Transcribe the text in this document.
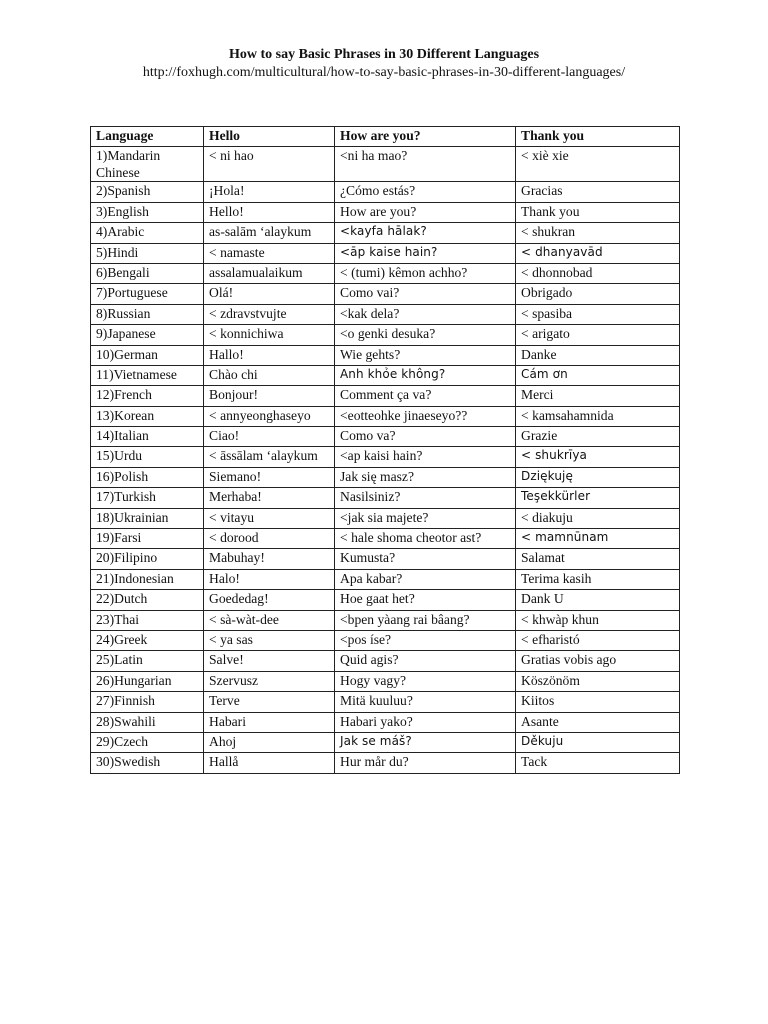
How to say Basic Phrases in 30 Different Languages
http://foxhugh.com/multicultural/how-to-say-basic-phrases-in-30-different-languages/
Language	Hello	How are you?	Thank you
1)Mandarin Chinese	< ni hao	<ni ha mao?	< xiè xie
2)Spanish	¡Hola!	¿Cómo estás?	Gracias
3)English	Hello!	How are you?	Thank you
4)Arabic	as-salām ʻalaykum	<kayfa hālak?	< shukran
5)Hindi	< namaste	<āp kaise hain?	< dhanyavād
6)Bengali	assalamualaikum	< (tumi) kêmon achho?	< dhonnobad
7)Portuguese	Olá!	Como vai?	Obrigado
8)Russian	< zdravstvujte	<kak dela?	< spasiba
9)Japanese	< konnichiwa	<o genki desuka?	< arigato
10)German	Hallo!	Wie gehts?	Danke
11)Vietnamese	Chào chi	Anh khỏe không?	Cám ơn
12)French	Bonjour!	Comment ça va?	Merci
13)Korean	< annyeonghaseyo	<eotteohke jinaeseyo??	< kamsahamnida
14)Italian	Ciao!	Como va?	Grazie
15)Urdu	< āssālam ʻalaykum	<ap kaisi hain?	< shukrīya
16)Polish	Siemano!	Jak się masz?	Dziękuję
17)Turkish	Merhaba!	Nasilsiniz?	Teşekkürler
18)Ukrainian	< vitayu	<jak sia majete?	< diakuju
19)Farsi	< dorood	< hale shoma cheotor ast?	< mamnūnam
20)Filipino	Mabuhay!	Kumusta?	Salamat
21)Indonesian	Halo!	Apa kabar?	Terima kasih
22)Dutch	Goededag!	Hoe gaat het?	Dank U
23)Thai	< sà-wàt-dee	<bpen yàang rai bâang?	< khwàp khun
24)Greek	< ya sas	<pos íse?	< efharistó
25)Latin	Salve!	Quid agis?	Gratias vobis ago
26)Hungarian	Szervusz	Hogy vagy?	Köszönöm
27)Finnish	Terve	Mitä kuuluu?	Kiitos
28)Swahili	Habari	Habari yako?	Asante
29)Czech	Ahoj	Jak se máš?	Děkuju
30)Swedish	Hallå	Hur mår du?	Tack
